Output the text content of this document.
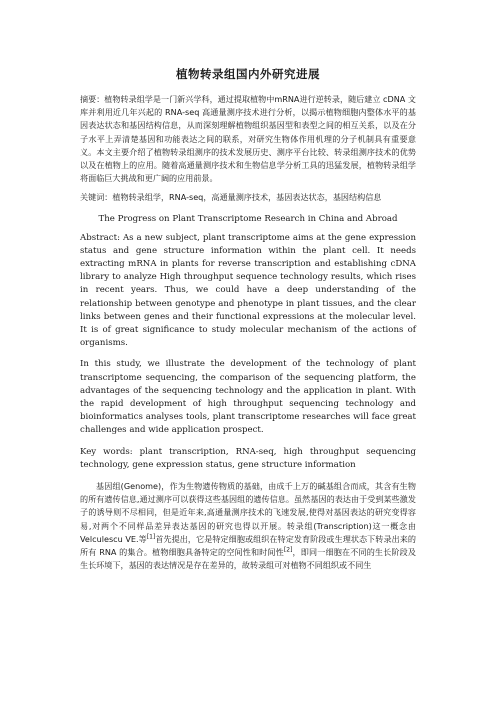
植物转录组国内外研究进展

摘要：植物转录组学是一门新兴学科，通过提取植物中mRNA进行逆转录，随后建立 cDNA 文库并利用近几年兴起的 RNA-seq 高通量测序技术进行分析，以揭示植物细胞内整体水平的基因表达状态和基因结构信息，从而深刻理解植物组织基因型和表型之间的相互关系，以及在分子水平上弄清楚基因和功能表达之间的联系，对研究生物体作用机理的分子机制具有重要意义。本文主要介绍了植物转录组测序的技术发展历史、测序平台比较、转录组测序技术的优势以及在植物上的应用。随着高通量测序技术和生物信息学分析工具的迅猛发展，植物转录组学将面临巨大挑战和更广阔的应用前景。

关键词：植物转录组学，RNA-seq，高通量测序技术，基因表达状态，基因结构信息

The Progress on Plant Transcriptome Research in China and Abroad

Abstract: As a new subject, plant transcriptome aims at the gene expression status and gene structure information within the plant cell. It needs extracting mRNA in plants for reverse transcription and establishing cDNA library to analyze High throughput sequence technology results, which rises in recent years. Thus, we could have a deep understanding of the relationship between genotype and phenotype in plant tissues, and the clear links between genes and their functional expressions at the molecular level. It is of great significance to study molecular mechanism of the actions of organisms.

In this study, we illustrate the development of the technology of plant transcriptome sequencing, the comparison of the sequencing platform, the advantages of the sequencing technology and the application in plant. With the rapid development of high throughput sequencing technology and bioinformatics analyses tools, plant transcriptome researches will face great challenges and wide application prospect.

Key words: plant transcription, RNA-seq, high throughput sequencing technology, gene expression status, gene structure information

基因组(Genome)，作为生物遗传物质的基础，由成千上万的碱基组合而成，其含有生物的所有遗传信息,通过测序可以获得这些基因组的遗传信息。虽然基因的表达由于受到某些激发子的诱导则不尽相同，但是近年来,高通量测序技术的飞速发展,使得对基因表达的研究变得容易,对两个不同样品差异表达基因的研究也得以开展。转录组(Transcription)这一概念由 Velculescu VE.等[1]首先提出，它是特定细胞或组织在特定发育阶段或生理状态下转录出来的所有 RNA 的集合。植物细胞具备特定的空间性和时间性[2]，即同一细胞在不同的生长阶段及生长环境下，基因的表达情况是存在差异的，故转录组可对植物不同组织或不同生
